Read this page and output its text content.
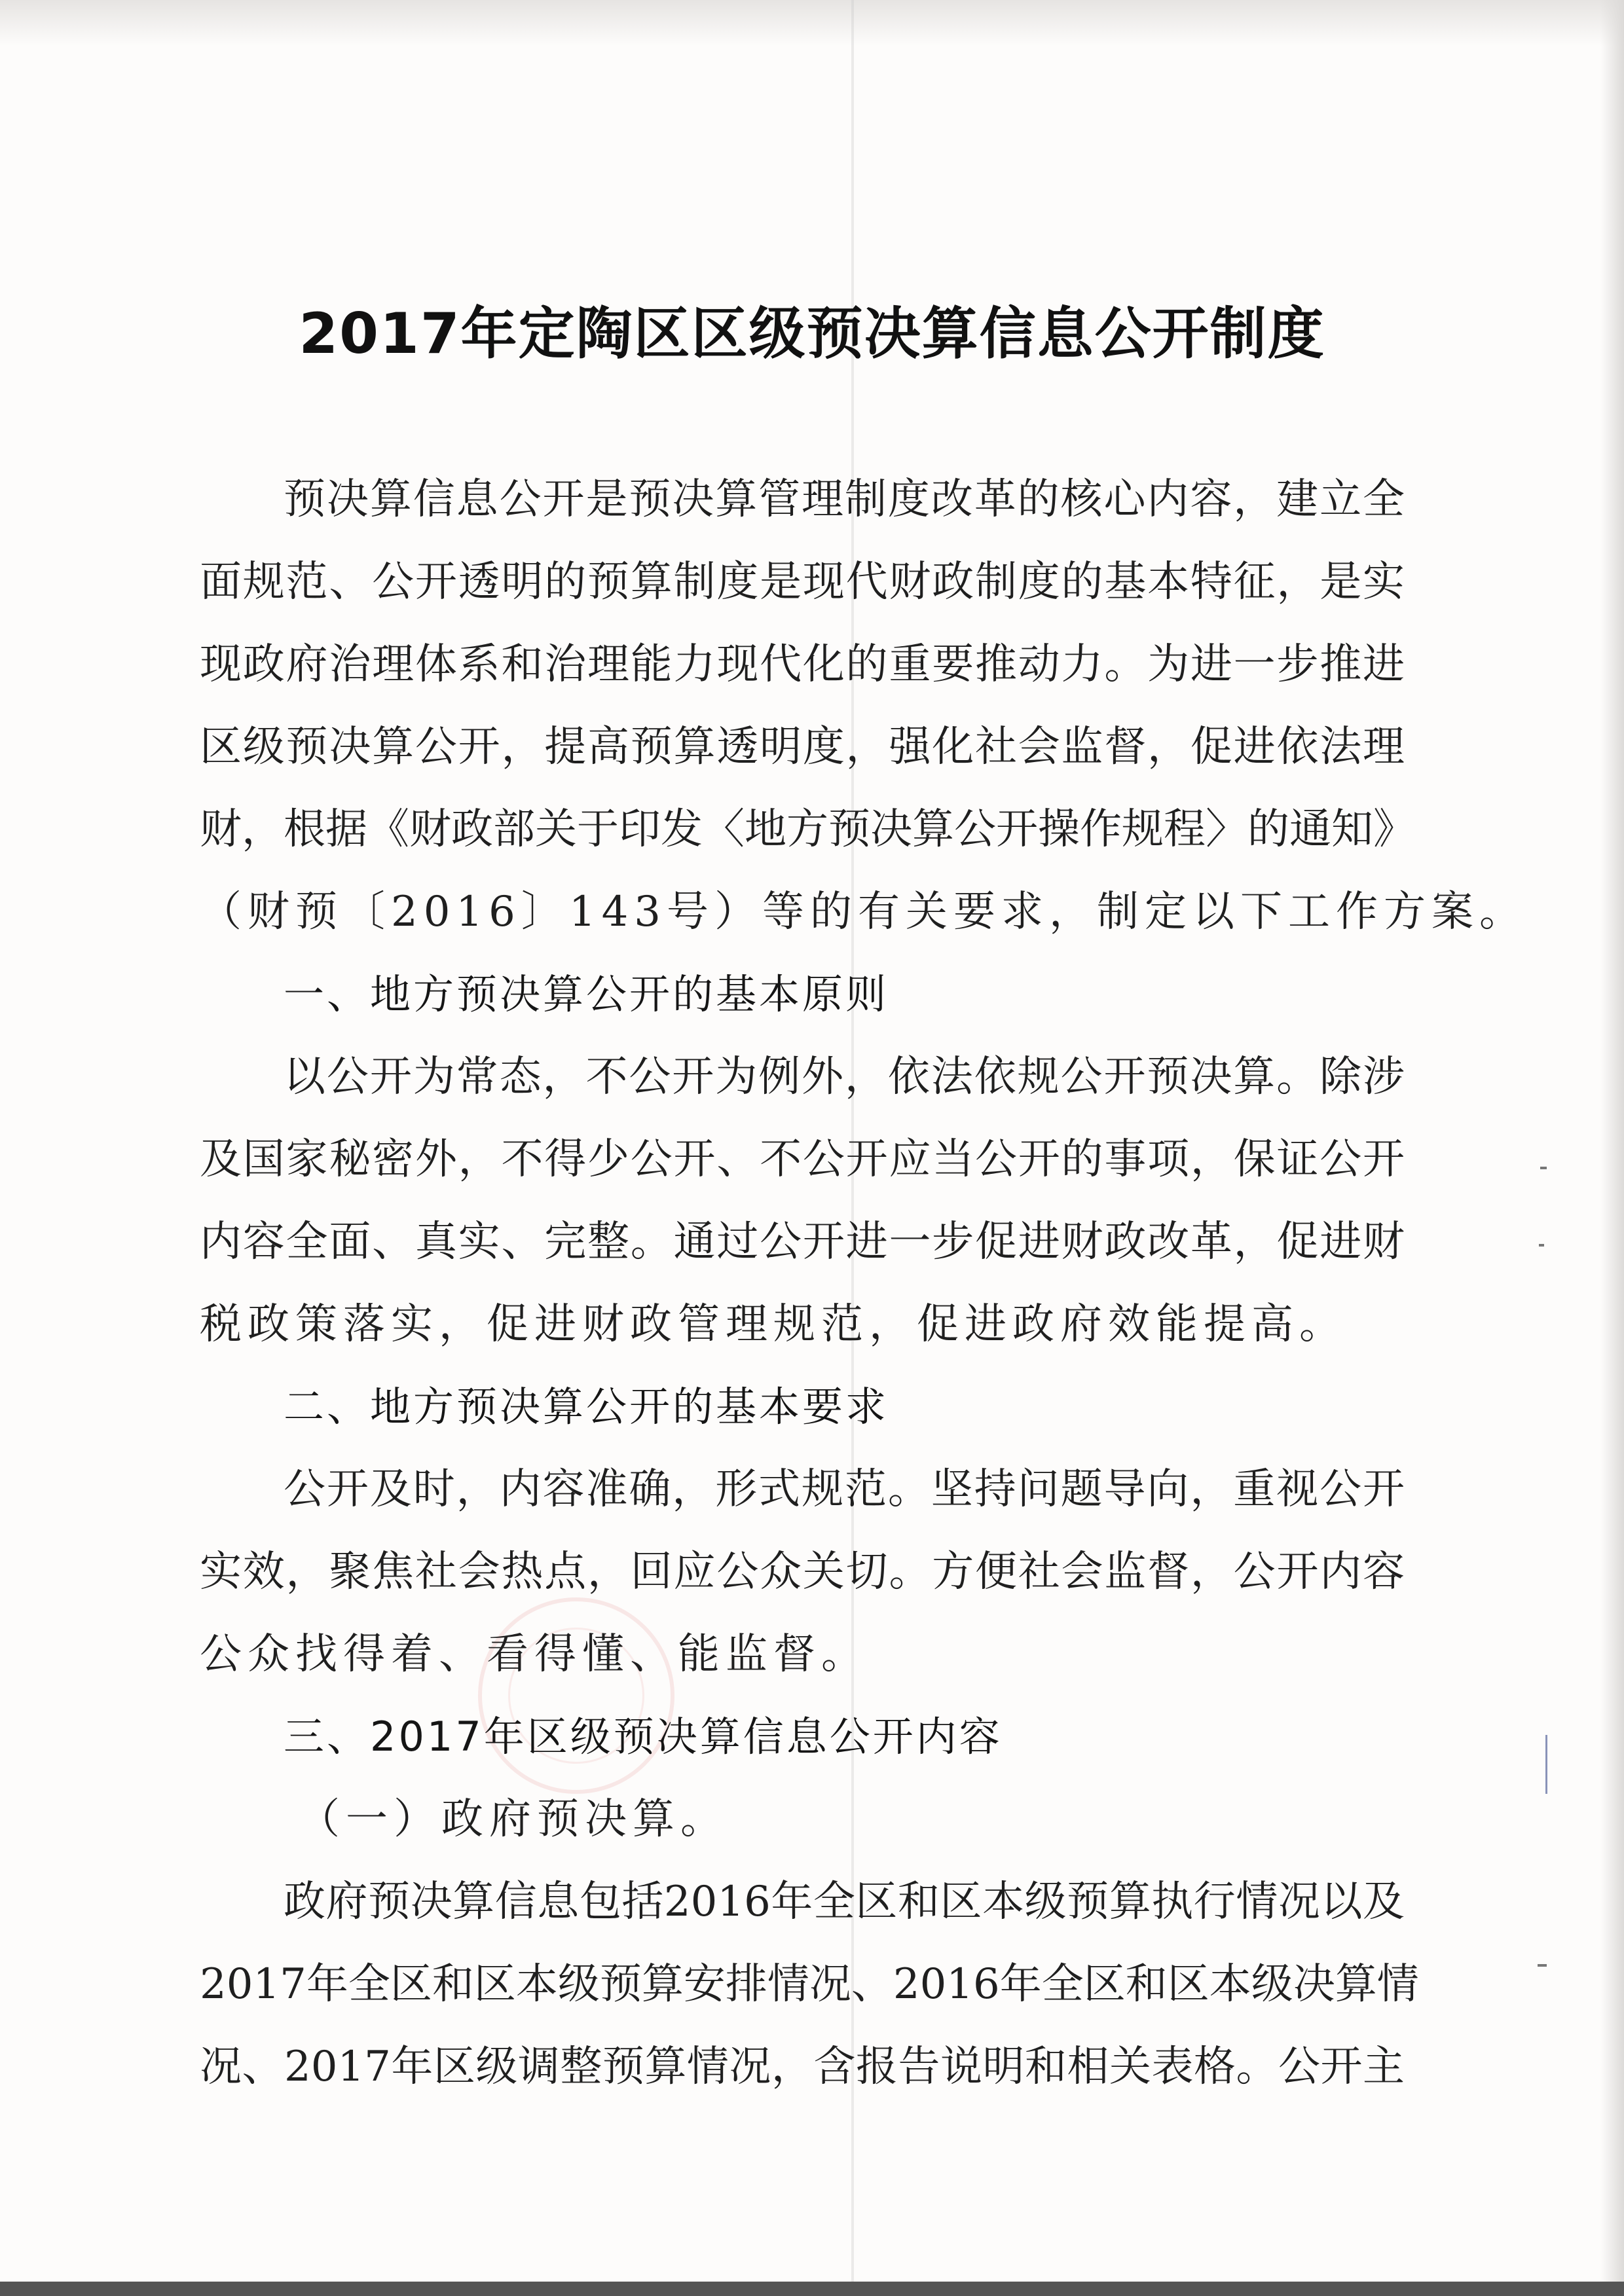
2017年定陶区区级预决算信息公开制度
预决算信息公开是预决算管理制度改革的核心内容，建立全
面规范、公开透明的预算制度是现代财政制度的基本特征，是实
现政府治理体系和治理能力现代化的重要推动力。为进一步推进
区级预决算公开，提高预算透明度，强化社会监督，促进依法理
财，根据《财政部关于印发〈地方预决算公开操作规程〉的通知》
（财预〔2016〕143号）等的有关要求，制定以下工作方案。
一、地方预决算公开的基本原则
以公开为常态，不公开为例外，依法依规公开预决算。除涉
及国家秘密外，不得少公开、不公开应当公开的事项，保证公开
内容全面、真实、完整。通过公开进一步促进财政改革，促进财
税政策落实，促进财政管理规范，促进政府效能提高。
二、地方预决算公开的基本要求
公开及时，内容准确，形式规范。坚持问题导向，重视公开
实效，聚焦社会热点，回应公众关切。方便社会监督，公开内容
公众找得着、看得懂、能监督。
三、2017年区级预决算信息公开内容
（一）政府预决算。
政府预决算信息包括2016年全区和区本级预算执行情况以及
2017年全区和区本级预算安排情况、2016年全区和区本级决算情
况、2017年区级调整预算情况，含报告说明和相关表格。公开主
